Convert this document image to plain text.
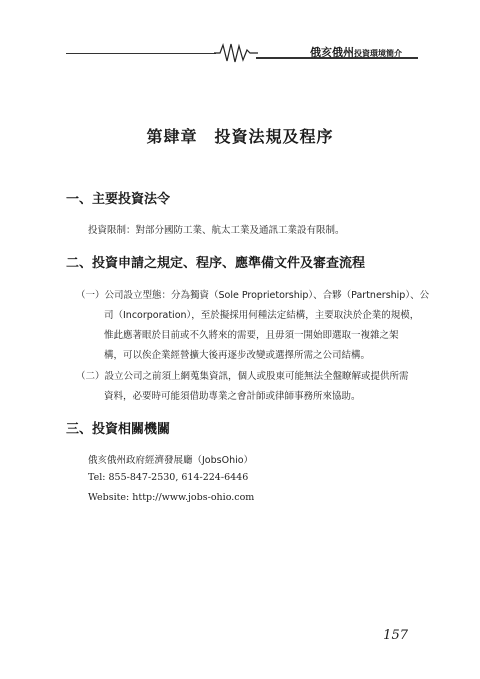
俄亥俄州投資環境簡介
第肆章　投資法規及程序
一、主要投資法令
投資限制：對部分國防工業、航太工業及通訊工業設有限制。
二、投資申請之規定、程序、應準備文件及審查流程
（一）公司設立型態：分為獨資（Sole Proprietorship）、合夥（Partnership）、公
司（Incorporation），至於擬採用何種法定結構，主要取決於企業的規模，
惟此應著眼於目前或不久將來的需要，且毋須一開始即選取一複雜之架
構，可以俟企業經營擴大後再逐步改變或選擇所需之公司結構。
（二）設立公司之前須上網蒐集資訊，個人或股東可能無法全盤瞭解或提供所需
資料，必要時可能須借助專業之會計師或律師事務所來協助。
三、投資相關機關
俄亥俄州政府經濟發展廳（JobsOhio）
Tel: 855-847-2530, 614-224-6446
Website: http://www.jobs-ohio.com
157
